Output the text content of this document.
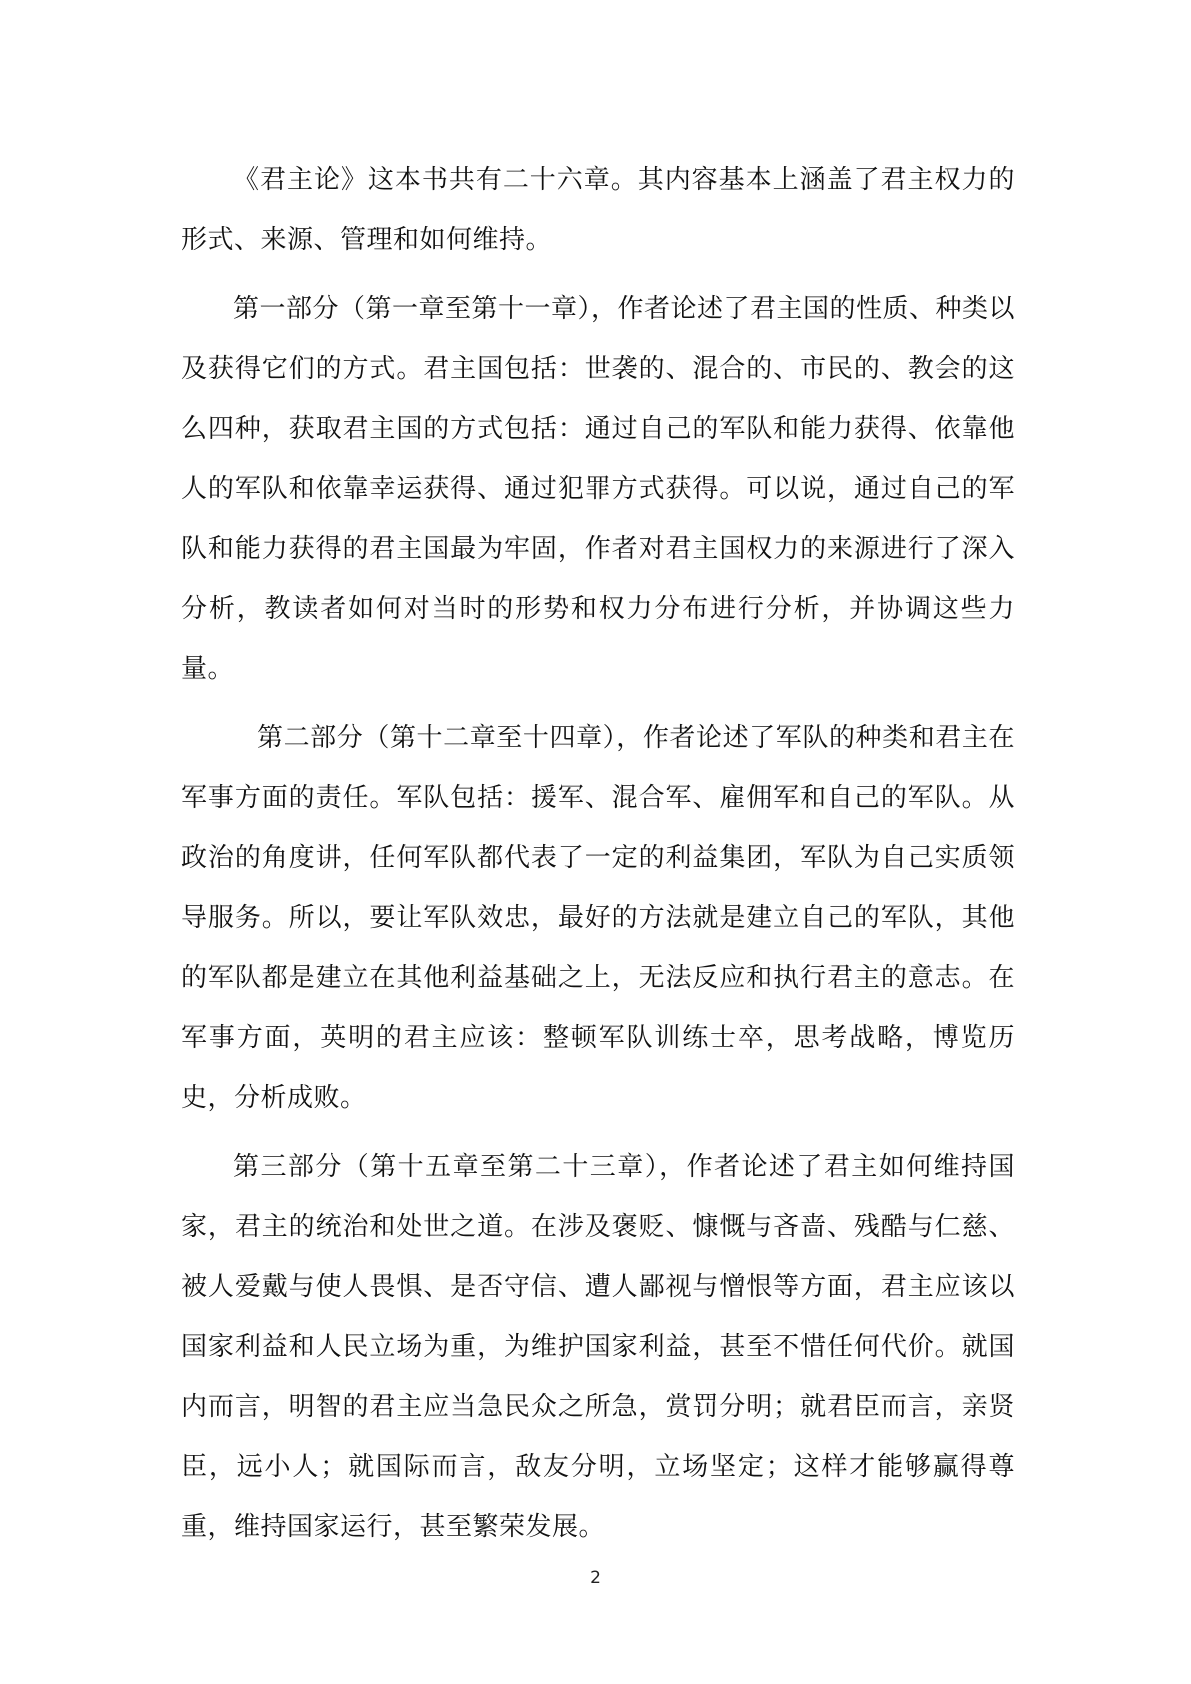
《君主论》这本书共有二十六章。其内容基本上涵盖了君主权力的形式、来源、管理和如何维持。

第一部分（第一章至第十一章），作者论述了君主国的性质、种类以及获得它们的方式。君主国包括：世袭的、混合的、市民的、教会的这么四种，获取君主国的方式包括：通过自己的军队和能力获得、依靠他人的军队和依靠幸运获得、通过犯罪方式获得。可以说，通过自己的军队和能力获得的君主国最为牢固，作者对君主国权力的来源进行了深入分析，教读者如何对当时的形势和权力分布进行分析，并协调这些力量。

第二部分（第十二章至十四章），作者论述了军队的种类和君主在军事方面的责任。军队包括：援军、混合军、雇佣军和自己的军队。从政治的角度讲，任何军队都代表了一定的利益集团，军队为自己实质领导服务。所以，要让军队效忠，最好的方法就是建立自己的军队，其他的军队都是建立在其他利益基础之上，无法反应和执行君主的意志。在军事方面，英明的君主应该：整顿军队训练士卒，思考战略，博览历史，分析成败。

第三部分（第十五章至第二十三章），作者论述了君主如何维持国家，君主的统治和处世之道。在涉及褒贬、慷慨与吝啬、残酷与仁慈、被人爱戴与使人畏惧、是否守信、遭人鄙视与憎恨等方面，君主应该以国家利益和人民立场为重，为维护国家利益，甚至不惜任何代价。就国内而言，明智的君主应当急民众之所急，赏罚分明；就君臣而言，亲贤臣，远小人；就国际而言，敌友分明，立场坚定；这样才能够赢得尊重，维持国家运行，甚至繁荣发展。

2
